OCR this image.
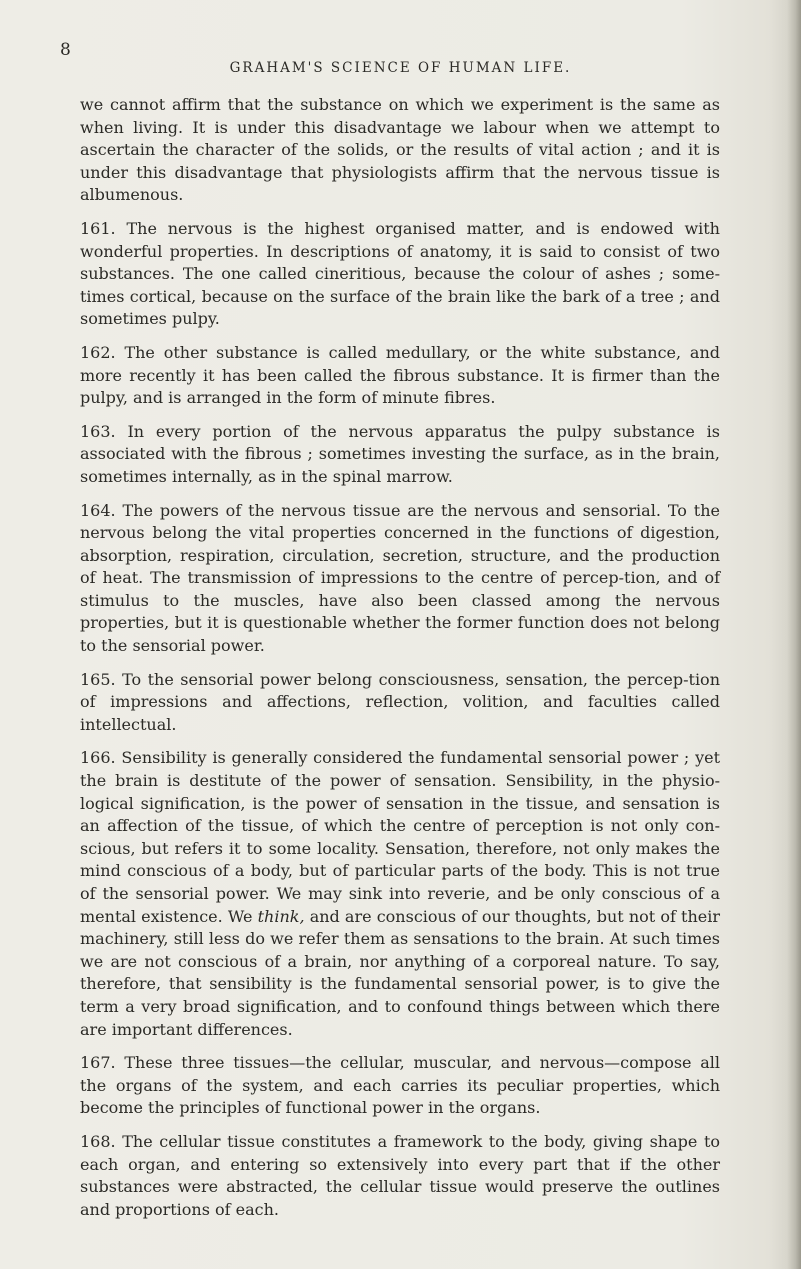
8
GRAHAM'S SCIENCE OF HUMAN LIFE.

we cannot affirm that the substance on which we experiment is the same as when living. It is under this disadvantage we labour when we attempt to ascertain the character of the solids, or the results of vital action ; and it is under this disadvantage that physiologists affirm that the nervous tissue is albumenous.

161. The nervous is the highest organised matter, and is endowed with wonderful properties. In descriptions of anatomy, it is said to consist of two substances. The one called cineritious, because the colour of ashes ; some-times cortical, because on the surface of the brain like the bark of a tree ; and sometimes pulpy.

162. The other substance is called medullary, or the white substance, and more recently it has been called the fibrous substance. It is firmer than the pulpy, and is arranged in the form of minute fibres.

163. In every portion of the nervous apparatus the pulpy substance is associated with the fibrous ; sometimes investing the surface, as in the brain, sometimes internally, as in the spinal marrow.

164. The powers of the nervous tissue are the nervous and sensorial. To the nervous belong the vital properties concerned in the functions of digestion, absorption, respiration, circulation, secretion, structure, and the production of heat. The transmission of impressions to the centre of percep-tion, and of stimulus to the muscles, have also been classed among the nervous properties, but it is questionable whether the former function does not belong to the sensorial power.

165. To the sensorial power belong consciousness, sensation, the percep-tion of impressions and affections, reflection, volition, and faculties called intellectual.

166. Sensibility is generally considered the fundamental sensorial power ; yet the brain is destitute of the power of sensation. Sensibility, in the physio-logical signification, is the power of sensation in the tissue, and sensation is an affection of the tissue, of which the centre of perception is not only con-scious, but refers it to some locality. Sensation, therefore, not only makes the mind conscious of a body, but of particular parts of the body. This is not true of the sensorial power. We may sink into reverie, and be only conscious of a mental existence. We think, and are conscious of our thoughts, but not of their machinery, still less do we refer them as sensations to the brain. At such times we are not conscious of a brain, nor anything of a corporeal nature. To say, therefore, that sensibility is the fundamental sensorial power, is to give the term a very broad signification, and to confound things between which there are important differences.

167. These three tissues—the cellular, muscular, and nervous—compose all the organs of the system, and each carries its peculiar properties, which become the principles of functional power in the organs.

168. The cellular tissue constitutes a framework to the body, giving shape to each organ, and entering so extensively into every part that if the other substances were abstracted, the cellular tissue would preserve the outlines and proportions of each.
